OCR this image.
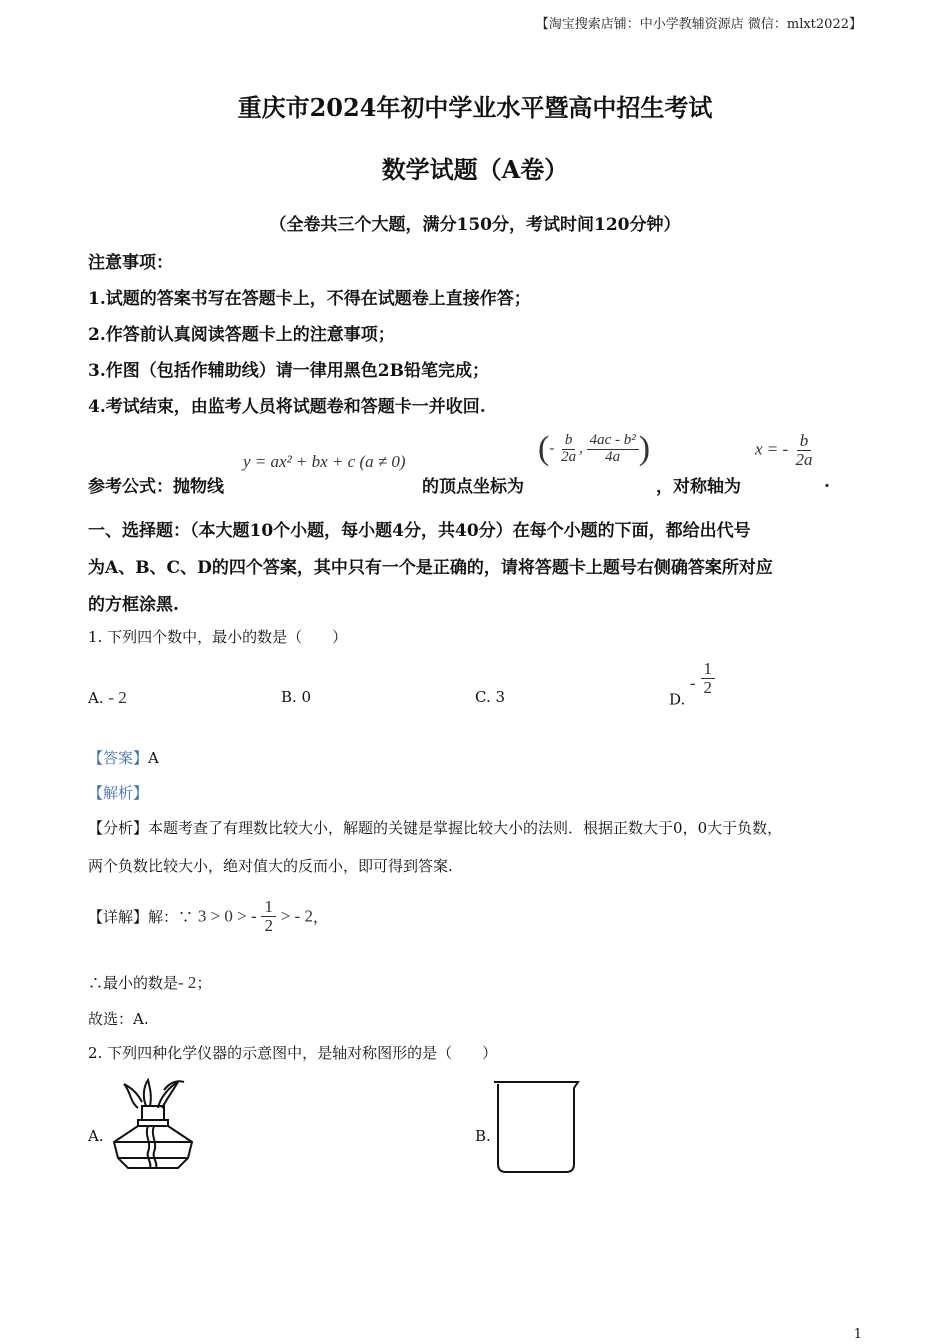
【淘宝搜索店铺：中小学教辅资源店 微信：mlxt2022】
重庆市2024年初中学业水平暨高中招生考试
数学试题（A卷）
（全卷共三个大题，满分150分，考试时间120分钟）
注意事项：
1.试题的答案书写在答题卡上，不得在试题卷上直接作答；
2.作答前认真阅读答题卡上的注意事项；
3.作图（包括作辅助线）请一律用黑色2B铅笔完成；
4.考试结束，由监考人员将试题卷和答题卡一并收回.
参考公式：抛物线
y = ax² + bx + c (a ≠ 0)
的顶点坐标为
(- $\frac{b}{2a}$ , $\frac{\text{4ac - b²}}{4a}$ )
，对称轴为
x = - $\frac{b}{2a}$
.
一、选择题：（本大题10个小题，每小题4分，共40分）在每个小题的下面，都给出代号
为A、B、C、D的四个答案，其中只有一个是正确的，请将答题卡上题号右侧确答案所对应
的方框涂黑.
1. 下列四个数中，最小的数是（　　）
A. - 2	B. 0	C. 3	D. - $\frac{1}{2}$
【答案】A
【解析】
【分析】本题考查了有理数比较大小，解题的关键是掌握比较大小的法则．根据正数大于0，0大于负数，
两个负数比较大小，绝对值大的反而小，即可得到答案.
【详解】解：∵ 3 > 0 > - $\frac{1}{2}$ > - 2，
∴最小的数是- 2；
故选：A.
2. 下列四种化学仪器的示意图中，是轴对称图形的是（　　）
A.	B.
1
